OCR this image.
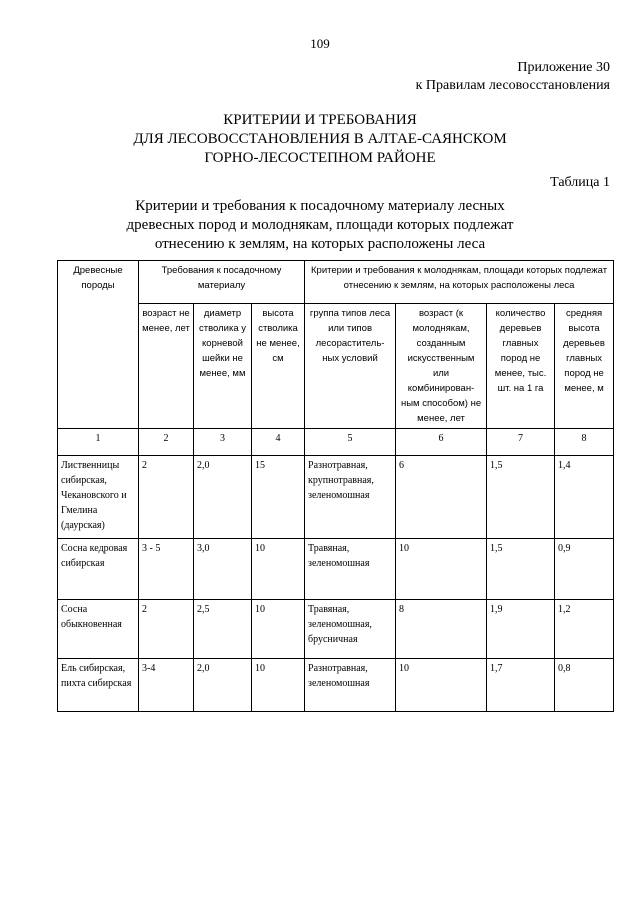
109
Приложение 30
к Правилам лесовосстановления
КРИТЕРИИ И ТРЕБОВАНИЯ
ДЛЯ ЛЕСОВОССТАНОВЛЕНИЯ В АЛТАЕ-САЯНСКОМ
ГОРНО-ЛЕСОСТЕПНОМ РАЙОНЕ
Таблица 1
Критерии и требования к посадочному материалу лесных
древесных пород и молоднякам, площади которых подлежат
отнесению к землям, на которых расположены леса
Древесные породы	Требования к посадочному материалу			Критерии и требования к молоднякам, площади которых подлежат отнесению к землям, на которых расположены леса			
	возраст не менее, лет	диаметр стволика у корневой шейки не менее, мм	высота стволика не менее, см	группа типов леса или типов лесораститель-ных условий	возраст (к молоднякам, созданным искусственным или комбинирован-ным способом) не менее, лет	количество деревьев главных пород не менее, тыс. шт. на 1 га	средняя высота деревьев главных пород не менее, м
1	2	3	4	5	6	7	8
Лиственницы сибирская, Чекановского и Гмелина (даурская)	2	2,0	15	Разнотравная, крупнотравная, зеленомошная	6	1,5	1,4
Сосна кедровая сибирская	3 - 5	3,0	10	Травяная, зеленомошная	10	1,5	0,9
Сосна обыкновенная	2	2,5	10	Травяная, зеленомошная, брусничная	8	1,9	1,2
Ель сибирская, пихта сибирская	3-4	2,0	10	Разнотравная, зеленомошная	10	1,7	0,8
